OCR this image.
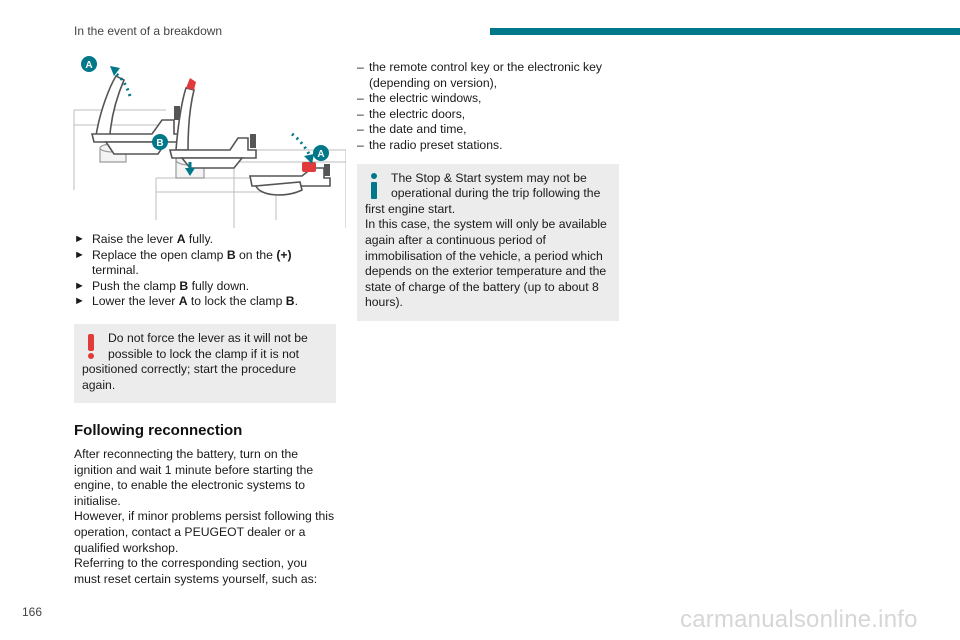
In the event of a breakdown
A
B
A
► Raise the lever A fully.
► Replace the open clamp B on the (+) terminal.
► Push the clamp B fully down.
► Lower the lever A to lock the clamp B.
Do not force the lever as it will not be possible to lock the clamp if it is not
positioned correctly; start the procedure again.
Following reconnection
After reconnecting the battery, turn on the ignition and wait 1 minute before starting the engine, to enable the electronic systems to initialise.
However, if minor problems persist following this operation, contact a PEUGEOT dealer or a qualified workshop.
Referring to the corresponding section, you must reset certain systems yourself, such as:
– the remote control key or the electronic key (depending on version),
– the electric windows,
– the electric doors,
– the date and time,
– the radio preset stations.
The Stop & Start system may not be operational during the trip following the
first engine start.
In this case, the system will only be available again after a continuous period of immobilisation of the vehicle, a period which depends on the exterior temperature and the state of charge of the battery (up to about 8 hours).
166	carmanualsonline.info
